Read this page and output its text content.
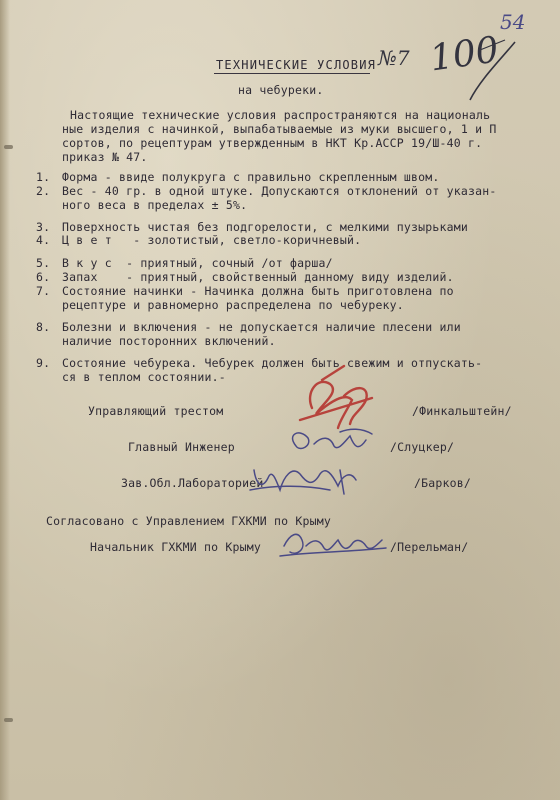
54
ТЕХНИЧЕСКИЕ УСЛОВИЯ №7 100
на чебуреки.
Настоящие технические условия распространяются на националь
ные изделия с начинкой, выпабатываемые из муки высшего, 1 и П
сортов, по рецептурам утвержденным в НКТ Кр.АССР 19/Ш-40 г.
приказ № 47.
1. Форма - ввиде полукруга с правильно скрепленным швом.
2. Вес - 40 гр. в одной штуке. Допускаются отклонений от указан-
ного веса в пределах ± 5%.
3. Поверхность чистая без подгорелости, с мелкими пузырьками
4. Ц в е т   - золотистый, светло-коричневый.
5. В к у с  - приятный, сочный /от фарша/
6. Запах    - приятный, свойственный данному виду изделий.
7. Состояние начинки - Начинка должна быть приготовлена по
рецептуре и равномерно распределена по чебуреку.
8. Болезни и включения - не допускается наличие плесени или
наличие посторонних включений.
9. Состояние чебурека. Чебурек должен быть свежим и отпускать-
ся в теплом состоянии.-
Управляющий трестом	/Финкальштейн/
Главный Инженер	/Слуцкер/
Зав.Обл.Лабораторией	/Барков/
Согласовано с Управлением ГХКМИ по Крыму
Начальник ГХКМИ по Крыму	/Перельман/
